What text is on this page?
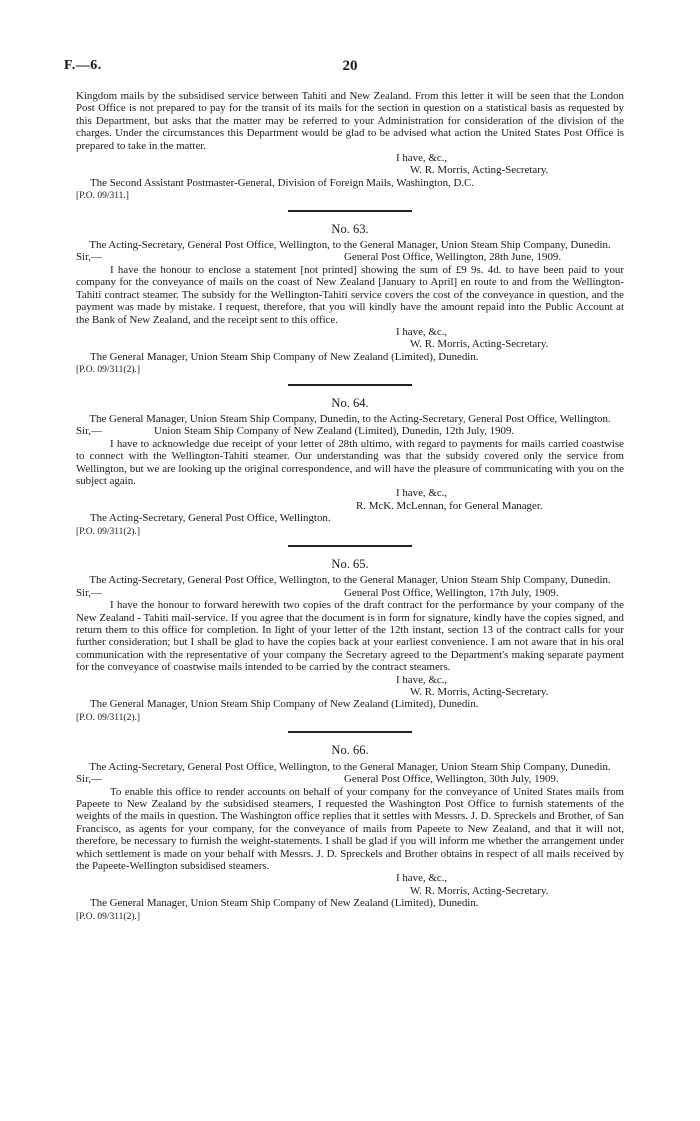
F.—6.	20

Kingdom mails by the subsidised service between Tahiti and New Zealand. From this letter it will be seen that the London Post Office is not prepared to pay for the transit of its mails for the section in question on a statistical basis as requested by this Department, but asks that the matter may be referred to your Administration for consideration of the division of the charges. Under the circumstances this Department would be glad to be advised what action the United States Post Office is prepared to take in the matter.

I have, &c.,

W. R. Morris, Acting-Secretary.

The Second Assistant Postmaster-General, Division of Foreign Mails, Washington, D.C.

[P.O. 09/311.]

No. 63.

The Acting-Secretary, General Post Office, Wellington, to the General Manager, Union Steam Ship Company, Dunedin.

Sir,—	General Post Office, Wellington, 28th June, 1909.

I have the honour to enclose a statement [not printed] showing the sum of £9 9s. 4d. to have been paid to your company for the conveyance of mails on the coast of New Zealand [January to April] en route to and from the Wellington-Tahiti contract steamer. The subsidy for the Wellington-Tahiti service covers the cost of the conveyance in question, and the payment was made by mistake. I request, therefore, that you will kindly have the amount repaid into the Public Account at the Bank of New Zealand, and the receipt sent to this office.

I have, &c.,

W. R. Morris, Acting-Secretary.

The General Manager, Union Steam Ship Company of New Zealand (Limited), Dunedin.

[P.O. 09/311(2).]

No. 64.

The General Manager, Union Steam Ship Company, Dunedin, to the Acting-Secretary, General Post Office, Wellington.

Sir,—	Union Steam Ship Company of New Zealand (Limited), Dunedin, 12th July, 1909.

I have to acknowledge due receipt of your letter of 28th ultimo, with regard to payments for mails carried coastwise to connect with the Wellington-Tahiti steamer. Our understanding was that the subsidy covered only the service from Wellington, but we are looking up the original correspondence, and will have the pleasure of communicating with you on the subject again.

I have, &c.,

R. McK. McLennan, for General Manager.

The Acting-Secretary, General Post Office, Wellington.

[P.O. 09/311(2).]

No. 65.

The Acting-Secretary, General Post Office, Wellington, to the General Manager, Union Steam Ship Company, Dunedin.

Sir,—	General Post Office, Wellington, 17th July, 1909.

I have the honour to forward herewith two copies of the draft contract for the performance by your company of the New Zealand - Tahiti mail-service. If you agree that the document is in form for signature, kindly have the copies signed, and return them to this office for completion. In light of your letter of the 12th instant, section 13 of the contract calls for your further consideration; but I shall be glad to have the copies back at your earliest convenience. I am not aware that in his oral communication with the representative of your company the Secretary agreed to the Department's making separate payment for the conveyance of coastwise mails intended to be carried by the contract steamers.

I have, &c.,

W. R. Morris, Acting-Secretary.

The General Manager, Union Steam Ship Company of New Zealand (Limited), Dunedin.

[P.O. 09/311(2).]

No. 66.

The Acting-Secretary, General Post Office, Wellington, to the General Manager, Union Steam Ship Company, Dunedin.

Sir,—	General Post Office, Wellington, 30th July, 1909.

To enable this office to render accounts on behalf of your company for the conveyance of United States mails from Papeete to New Zealand by the subsidised steamers, I requested the Washington Post Office to furnish statements of the weights of the mails in question. The Washington office replies that it settles with Messrs. J. D. Spreckels and Brother, of San Francisco, as agents for your company, for the conveyance of mails from Papeete to New Zealand, and that it will not, therefore, be necessary to furnish the weight-statements. I shall be glad if you will inform me whether the arrangement under which settlement is made on your behalf with Messrs. J. D. Spreckels and Brother obtains in respect of all mails received by the Papeete-Wellington subsidised steamers.

I have, &c.,

W. R. Morris, Acting-Secretary.

The General Manager, Union Steam Ship Company of New Zealand (Limited), Dunedin.

[P.O. 09/311(2).]
